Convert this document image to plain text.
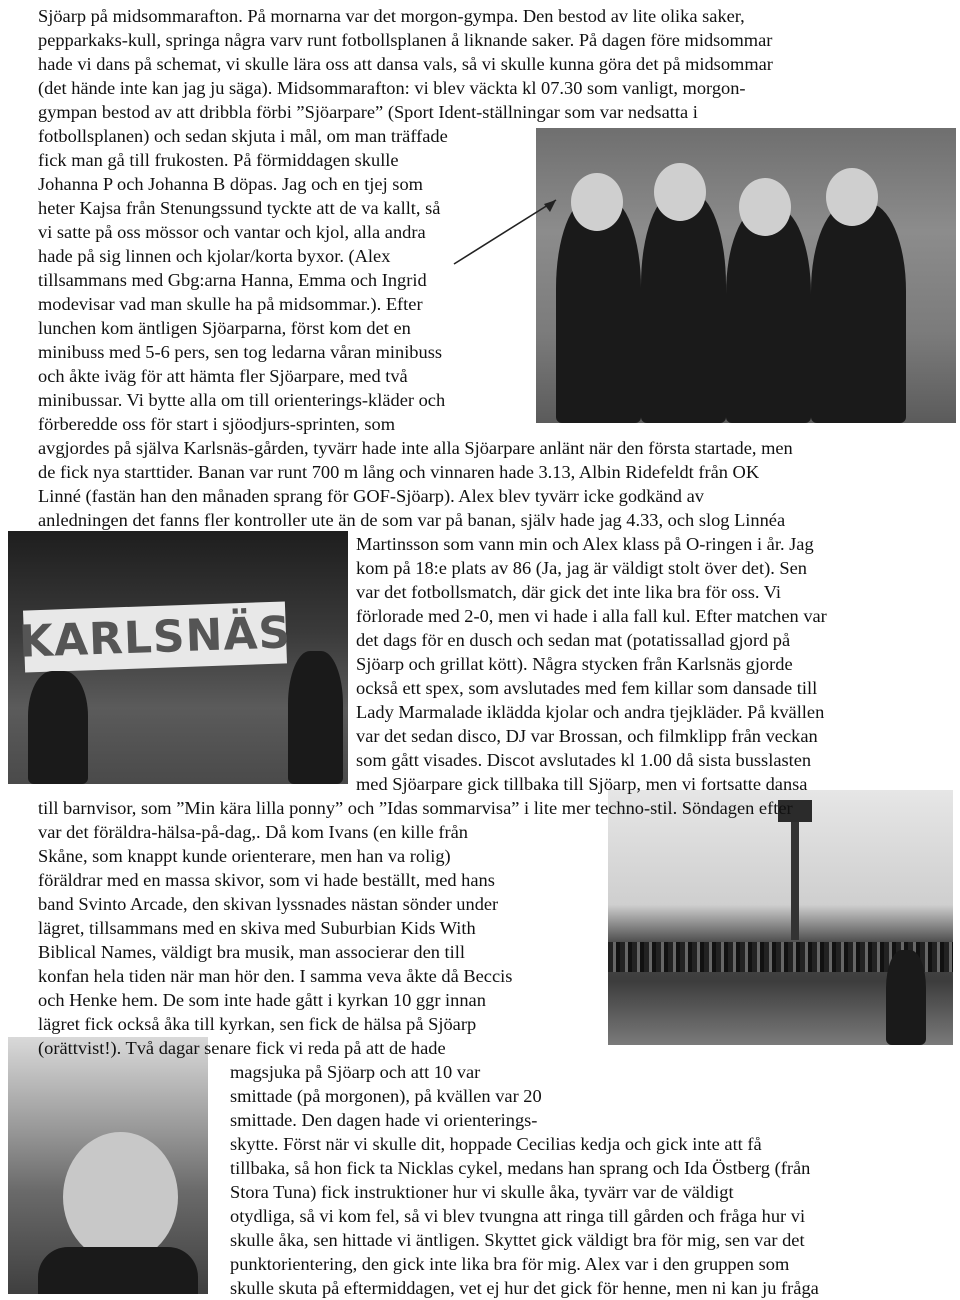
KARLSNÄS
Sjöarp på midsommarafton. På mornarna var det morgon-gympa. Den bestod av lite olika saker,
pepparkaks-kull, springa några varv runt fotbollsplanen å liknande saker. På dagen före midsommar
hade vi dans på schemat, vi skulle lära oss att dansa vals, så vi skulle kunna göra det på midsommar
(det hände inte kan jag ju säga). Midsommarafton: vi blev väckta kl 07.30 som vanligt, morgon-
gympan bestod av att dribbla förbi ”Sjöarpare” (Sport Ident-ställningar som var nedsatta i
fotbollsplanen) och sedan skjuta i mål, om man träffade
fick man gå till frukosten. På förmiddagen skulle
Johanna P och Johanna B döpas. Jag och en tjej som
heter Kajsa från Stenungssund tyckte att de va kallt, så
vi satte på oss mössor och vantar och kjol, alla andra
hade på sig linnen och kjolar/korta byxor. (Alex
tillsammans med Gbg:arna Hanna, Emma och Ingrid
modevisar vad man skulle ha på midsommar.). Efter
lunchen kom äntligen Sjöarparna, först kom det en
minibuss med 5-6 pers, sen tog ledarna våran minibuss
och åkte iväg för att hämta fler Sjöarpare, med två
minibussar. Vi bytte alla om till orienterings-kläder och
förberedde oss för start i sjöodjurs-sprinten, som
avgjordes på själva Karlsnäs-gården, tyvärr hade inte alla Sjöarpare anlänt när den första startade, men
de fick nya starttider. Banan var runt 700 m lång och vinnaren hade 3.13, Albin Ridefeldt från OK
Linné (fastän han den månaden sprang för GOF-Sjöarp). Alex blev tyvärr icke godkänd av
anledningen det fanns fler kontroller ute än de som var på banan, själv hade jag 4.33, och slog Linnéa
Martinsson som vann min och Alex klass på O-ringen i år. Jag
kom på 18:e plats av 86 (Ja, jag är väldigt stolt över det). Sen
var det fotbollsmatch, där gick det inte lika bra för oss. Vi
förlorade med 2-0, men vi hade i alla fall kul. Efter matchen var
det dags för en dusch och sedan mat (potatissallad gjord på
Sjöarp och grillat kött). Några stycken från Karlsnäs gjorde
också ett spex, som avslutades med fem killar som dansade till
Lady Marmalade iklädda kjolar och andra tjejkläder. På kvällen
var det sedan disco, DJ var Brossan, och filmklipp från veckan
som gått visades. Discot avslutades kl 1.00 då sista busslasten
med Sjöarpare gick tillbaka till Sjöarp, men vi fortsatte dansa
till barnvisor, som ”Min kära lilla ponny” och ”Idas sommarvisa” i lite mer techno-stil. Söndagen efter
var det föräldra-hälsa-på-dag,. Då kom Ivans (en kille från
Skåne, som knappt kunde orienterare, men han va rolig)
föräldrar med en massa skivor, som vi hade beställt, med hans
band Svinto Arcade, den skivan lyssnades nästan sönder under
lägret, tillsammans med en skiva med Suburbian Kids With
Biblical Names, väldigt bra musik, man associerar den till
konfan hela tiden när man hör den. I samma veva åkte då Beccis
och Henke hem. De som inte hade gått i kyrkan 10 ggr innan
lägret fick också åka till kyrkan, sen fick de hälsa på Sjöarp
(orättvist!). Två dagar senare fick vi reda på att de hade
magsjuka på Sjöarp och att 10 var
smittade (på morgonen), på kvällen var 20
smittade. Den dagen hade vi orienterings-
skytte. Först när vi skulle dit, hoppade Cecilias kedja och gick inte att få
tillbaka, så hon fick ta Nicklas cykel, medans han sprang och Ida Östberg (från
Stora Tuna) fick instruktioner hur vi skulle åka, tyvärr var de väldigt
otydliga, så vi kom fel, så vi blev tvungna att ringa till gården och fråga hur vi
skulle åka, sen hittade vi äntligen. Skyttet gick väldigt bra för mig, sen var det
punktorientering, den gick inte lika bra för mig. Alex var i den gruppen som
skulle skuta på eftermiddagen, vet ej hur det gick för henne, men ni kan ju fråga
